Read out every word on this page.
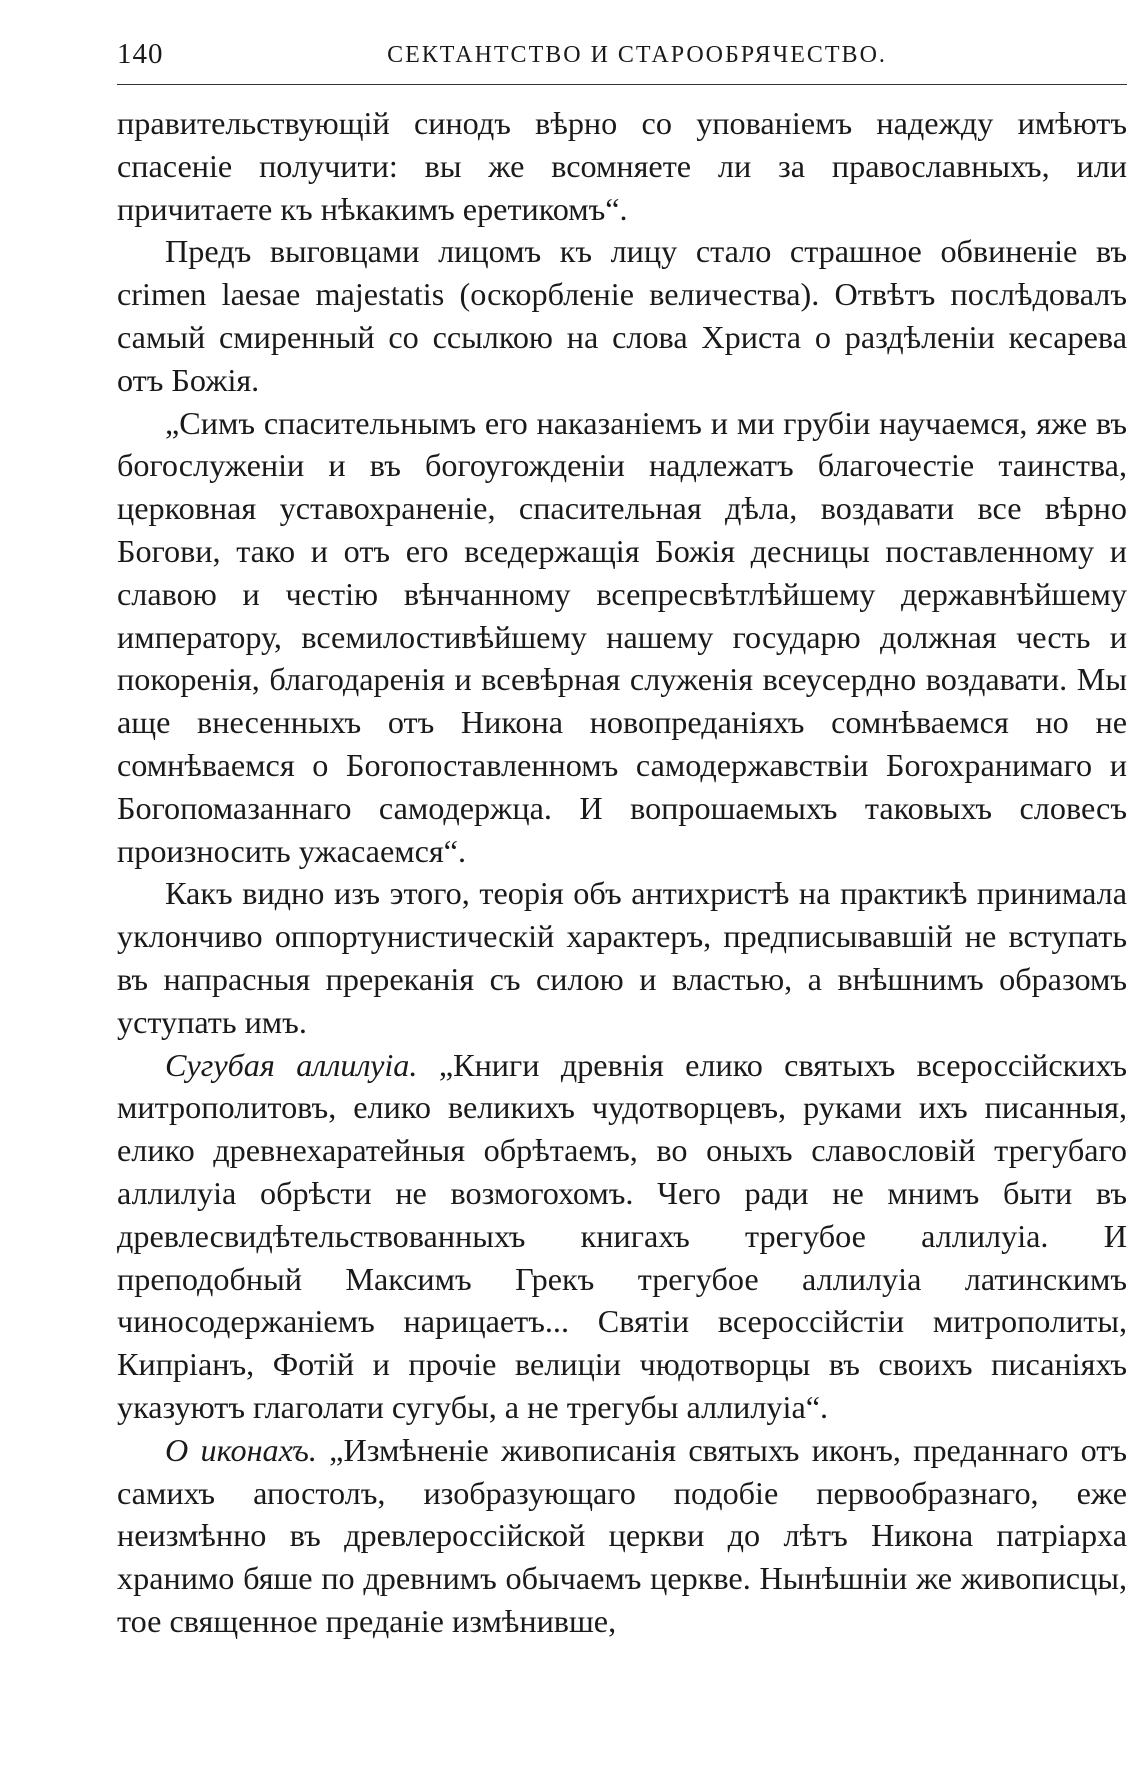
140	СЕКТАНТСТВО И СТАРООБРЯЧЕСТВО.

правительствующій синодъ вѣрно со упованіемъ надежду имѣютъ спасеніе получити: вы же всомняете ли за православныхъ, или причитаете къ нѣкакимъ еретикомъ“.

Предъ выговцами лицомъ къ лицу стало страшное обвиненіе въ crimen laesae majestatis (оскорбленіе величества). Отвѣтъ послѣдовалъ самый смиренный со ссылкою на слова Христа о раздѣленіи кесарева отъ Божія.

„Симъ спасительнымъ его наказаніемъ и ми грубіи научаемся, яже въ богослуженіи и въ богоугожденіи надлежатъ благочестіе таинства, церковная уставохраненіе, спасительная дѣла, воздавати все вѣрно Богови, тако и отъ его вседержащія Божія десницы поставленному и славою и честію вѣнчанному всепресвѣтлѣйшему державнѣйшему императору, всемилостивѣйшему нашему государю должная честь и покоренія, благодаренія и всевѣрная служенія всеусердно воздавати. Мы аще внесенныхъ отъ Никона новопреданіяхъ сомнѣваемся но не сомнѣваемся о Богопоставленномъ самодержавствіи Богохранимаго и Богопомазаннаго самодержца. И вопрошаемыхъ таковыхъ словесъ произносить ужасаемся“.

Какъ видно изъ этого, теорія объ антихристѣ на практикѣ принимала уклончиво оппортунистическій характеръ, предписывавшій не вступать въ напрасныя пререканія съ силою и властью, а внѣшнимъ образомъ уступать имъ.

Сугубая аллилуіа. „Книги древнія елико святыхъ всероссійскихъ митрополитовъ, елико великихъ чудотворцевъ, руками ихъ писанныя, елико древнехаратейныя обрѣтаемъ, во оныхъ славословій трегубаго аллилуіа обрѣсти не возмогохомъ. Чего ради не мнимъ быти въ древлесвидѣтельствованныхъ книгахъ трегубое аллилуіа. И преподобный Максимъ Грекъ трегубое аллилуіа латинскимъ чиносодержаніемъ нарицаетъ... Святіи всероссійстіи митрополиты, Кипріанъ, Фотій и прочіе велиціи чюдотворцы въ своихъ писаніяхъ указуютъ глаголати сугубы, а не трегубы аллилуіа“.

О иконахъ. „Измѣненіе живописанія святыхъ иконъ, преданнаго отъ самихъ апостолъ, изобразующаго подобіе первообразнаго, еже неизмѣнно въ древлероссійской церкви до лѣтъ Никона патріарха хранимо бяше по древнимъ обычаемъ церкве. Нынѣшніи же живописцы, тое священное преданіе измѣнивше,
